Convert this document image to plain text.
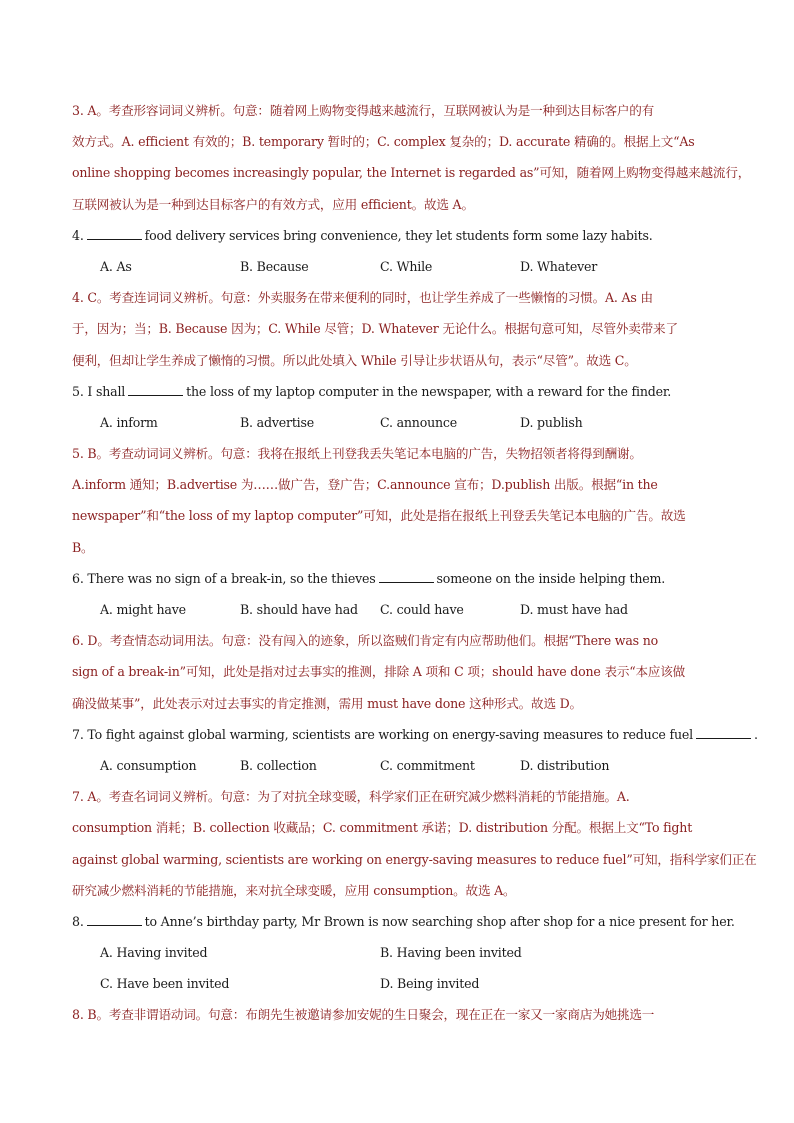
3. A。考查形容词词义辨析。句意：随着网上购物变得越来越流行，互联网被认为是一种到达目标客户的有
效方式。A. efficient 有效的；B. temporary 暂时的；C. complex 复杂的；D. accurate 精确的。根据上文“As
online shopping becomes increasingly popular, the Internet is regarded as”可知，随着网上购物变得越来越流行，
互联网被认为是一种到达目标客户的有效方式，应用 efficient。故选 A。
4.	food delivery services bring convenience, they let students form some lazy habits.
A. As	B. Because	C. While	D. Whatever
4. C。考查连词词义辨析。句意：外卖服务在带来便利的同时，也让学生养成了一些懒惰的习惯。A. As 由
于，因为；当；B. Because 因为；C. While 尽管；D. Whatever 无论什么。根据句意可知，尽管外卖带来了
便利，但却让学生养成了懒惰的习惯。所以此处填入 While 引导让步状语从句，表示“尽管”。故选 C。
5. I shall	the loss of my laptop computer in the newspaper, with a reward for the finder.
A. inform	B. advertise	C. announce	D. publish
5. B。考查动词词义辨析。句意：我将在报纸上刊登我丢失笔记本电脑的广告，失物招领者将得到酬谢。
A.inform 通知；B.advertise 为……做广告，登广告；C.announce 宣布；D.publish 出版。根据“in the
newspaper”和“the loss of my laptop computer”可知，此处是指在报纸上刊登丢失笔记本电脑的广告。故选
B。
6. There was no sign of a break-in, so the thieves	someone on the inside helping them.
A. might have	B. should have had C. could have	D. must have had
6. D。考查情态动词用法。句意：没有闯入的迹象，所以盗贼们肯定有内应帮助他们。根据“There was no
sign of a break-in”可知，此处是指对过去事实的推测，排除 A 项和 C 项；should have done 表示“本应该做
确没做某事”，此处表示对过去事实的肯定推测，需用 must have done 这种形式。故选 D。
7. To fight against global warming, scientists are working on energy-saving measures to reduce fuel	.
A. consumption	B. collection	C. commitment	D. distribution
7. A。考查名词词义辨析。句意：为了对抗全球变暖，科学家们正在研究减少燃料消耗的节能措施。A.
consumption 消耗；B. collection 收藏品；C. commitment 承诺；D. distribution 分配。根据上文“To fight
against global warming, scientists are working on energy-saving measures to reduce fuel”可知，指科学家们正在
研究减少燃料消耗的节能措施，来对抗全球变暖，应用 consumption。故选 A。
8.	to Anne’s birthday party, Mr Brown is now searching shop after shop for a nice present for her.
A. Having invited	B. Having been invited
C. Have been invited	D. Being invited
8. B。考查非谓语动词。句意：布朗先生被邀请参加安妮的生日聚会，现在正在一家又一家商店为她挑选一
